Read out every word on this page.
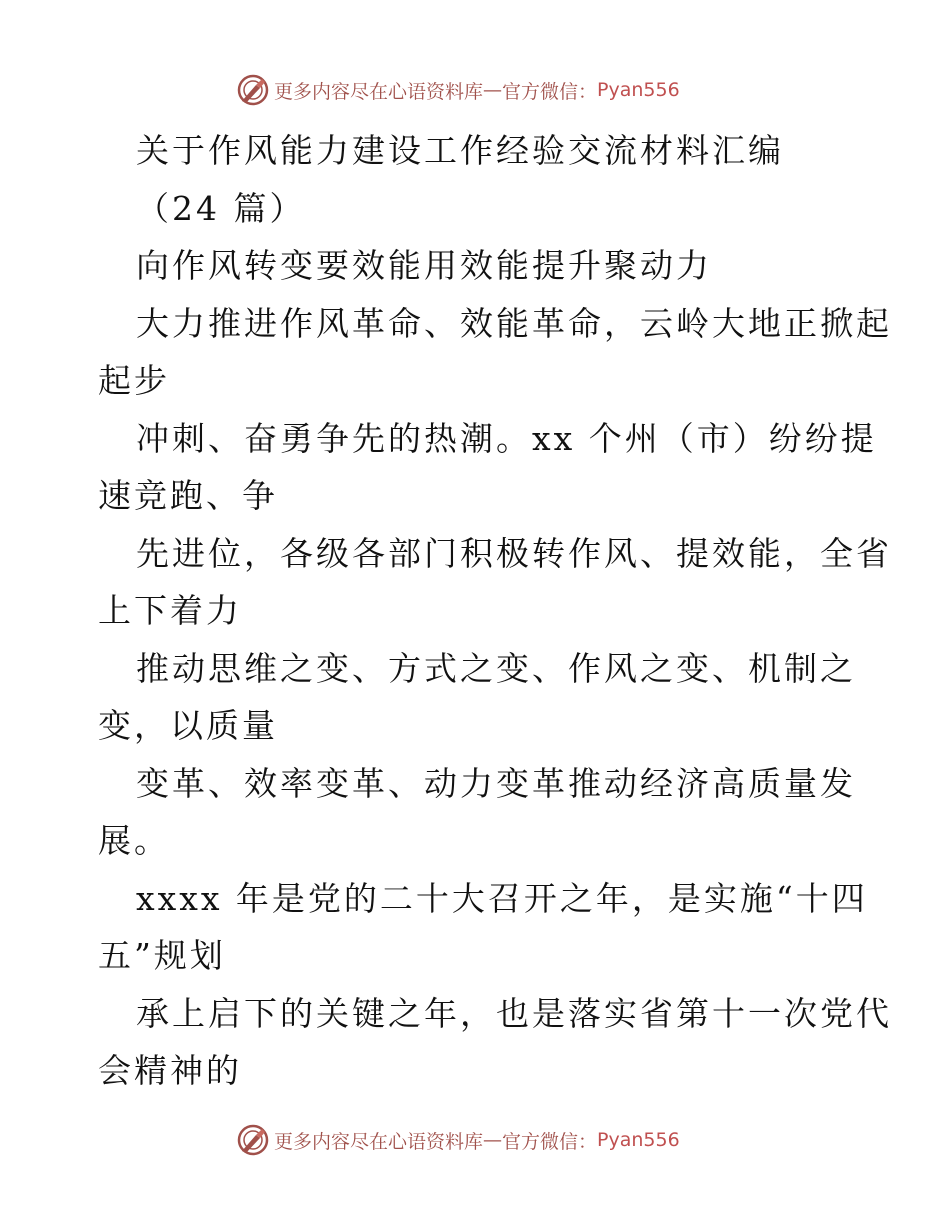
更多内容尽在心语资料库 — 官方微信： Pyan556
关于作风能力建设工作经验交流材料汇编
（24 篇）
向作风转变要效能用效能提升聚动力
大力推进作风革命、效能革命，云岭大地正掀起
起步
冲刺、奋勇争先的热潮。xx 个州（市）纷纷提
速竞跑、争
先进位，各级各部门积极转作风、提效能，全省
上下着力
推动思维之变、方式之变、作风之变、机制之
变，以质量
变革、效率变革、动力变革推动经济高质量发
展。
xxxx 年是党的二十大召开之年，是实施“十四
五”规划
承上启下的关键之年，也是落实省第十一次党代
会精神的
更多内容尽在心语资料库 — 官方微信： Pyan556
